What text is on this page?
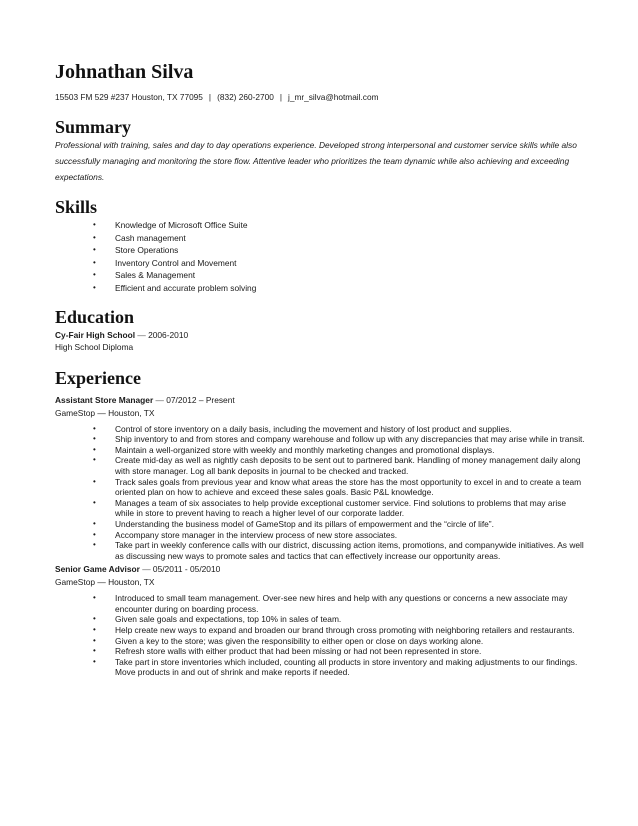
Johnathan Silva
15503 FM 529 #237 Houston, TX 77095 | (832) 260-2700 | j_mr_silva@hotmail.com
Summary

Professional with training, sales and day to day operations experience. Developed strong interpersonal and customer service skills while also successfully managing and monitoring the store flow. Attentive leader who prioritizes the team dynamic while also achieving and exceeding expectations.

Skills
• Knowledge of Microsoft Office Suite
• Cash management
• Store Operations
• Inventory Control and Movement
• Sales & Management
• Efficient and accurate problem solving
Education
Cy-Fair High School — 2006-2010
High School Diploma
Experience
Assistant Store Manager — 07/2012 – Present
GameStop — Houston, TX
• Control of store inventory on a daily basis, including the movement and history of lost product and supplies.
• Ship inventory to and from stores and company warehouse and follow up with any discrepancies that may arise while in transit.
• Maintain a well-organized store with weekly and monthly marketing changes and promotional displays.
• Create mid-day as well as nightly cash deposits to be sent out to partnered bank. Handling of money management daily along with store manager. Log all bank deposits in journal to be checked and tracked.
• Track sales goals from previous year and know what areas the store has the most opportunity to excel in and to create a team oriented plan on how to achieve and exceed these sales goals. Basic P&L knowledge.
• Manages a team of six associates to help provide exceptional customer service. Find solutions to problems that may arise while in store to prevent having to reach a higher level of our corporate ladder.
• Understanding the business model of GameStop and its pillars of empowerment and the “circle of life”.
• Accompany store manager in the interview process of new store associates.
• Take part in weekly conference calls with our district, discussing action items, promotions, and companywide initiatives. As well as discussing new ways to promote sales and tactics that can effectively increase our opportunity areas.
Senior Game Advisor — 05/2011 - 05/2010
GameStop — Houston, TX
• Introduced to small team management. Over-see new hires and help with any questions or concerns a new associate may encounter during on boarding process.
• Given sale goals and expectations, top 10% in sales of team.
• Help create new ways to expand and broaden our brand through cross promoting with neighboring retailers and restaurants.
• Given a key to the store; was given the responsibility to either open or close on days working alone.
• Refresh store walls with either product that had been missing or had not been represented in store.
• Take part in store inventories which included, counting all products in store inventory and making adjustments to our findings. Move products in and out of shrink and make reports if needed.
